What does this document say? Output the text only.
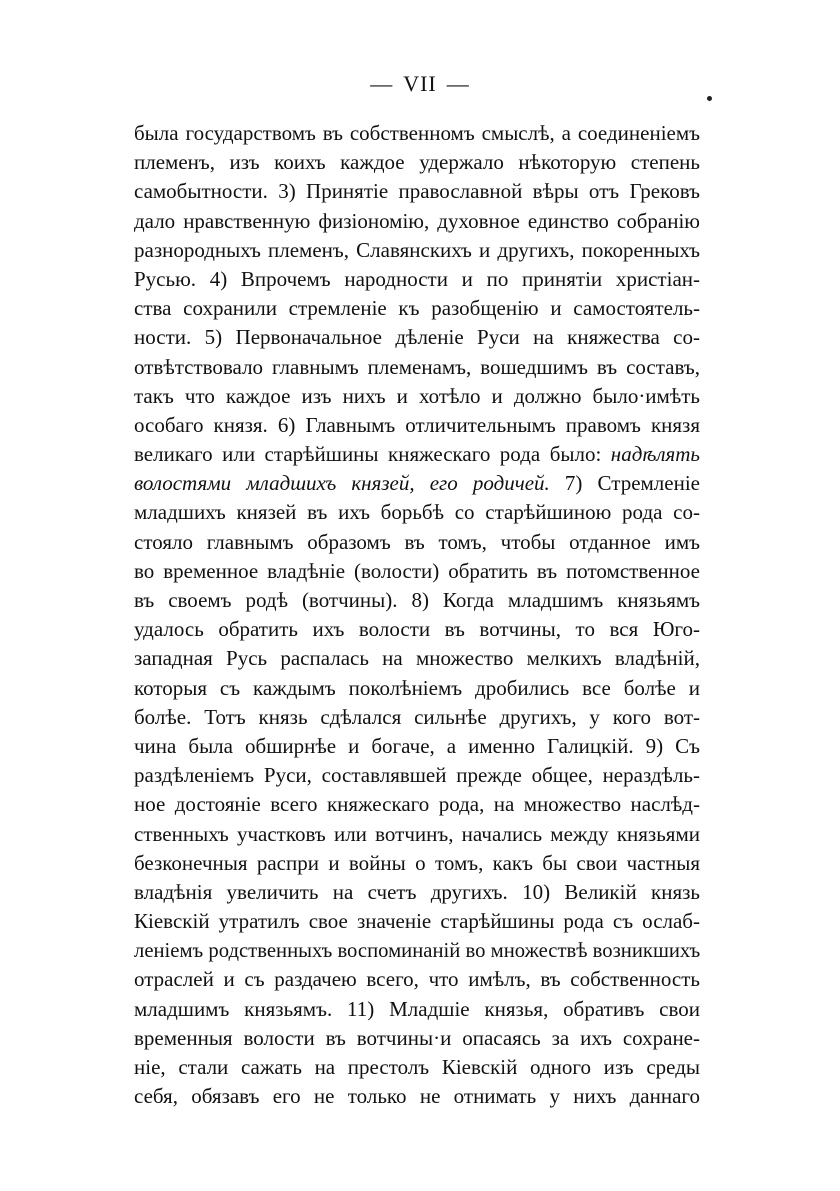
— VII —
была государствомъ въ собственномъ смыслѣ, а соединенiемъ
племенъ, изъ коихъ каждое удержало нѣкоторую степень
самобытности. 3) Принятiе православной вѣры отъ Грековъ
дало нравственную физiономiю, духовное единство собранiю
разнородныхъ племенъ, Славянскихъ и другихъ, покоренныхъ
Русью. 4) Впрочемъ народности и по принятiи христiан-
ства сохранили стремленiе къ разобщенiю и самостоятель-
ности. 5) Первоначальное дѣленiе Руси на княжества со-
отвѣтствовало главнымъ племенамъ, вошедшимъ въ составъ,
такъ что каждое изъ нихъ и хотѣло и должно было·имѣть
особаго князя. 6) Главнымъ отличительнымъ правомъ князя
великаго или старѣйшины княжескаго рода было: надѣлять
волостями младшихъ князей, его родичей. 7) Стремленiе
младшихъ князей въ ихъ борьбѣ со старѣйшиною рода со-
стояло главнымъ образомъ въ томъ, чтобы отданное имъ
во временное владѣнiе (волости) обратить въ потомственное
въ своемъ родѣ (вотчины). 8) Когда младшимъ князьямъ
удалось обратить ихъ волости въ вотчины, то вся Юго-
западная Русь распалась на множество мелкихъ владѣнiй,
которыя съ каждымъ поколѣнiемъ дробились все болѣе и
болѣе. Тотъ князь сдѣлался сильнѣе другихъ, у кого вот-
чина была обширнѣе и богаче, а именно Галицкiй. 9) Съ
раздѣленiемъ Руси, составлявшей прежде общее, нераздѣль-
ное достоянiе всего княжескаго рода, на множество наслѣд-
ственныхъ участковъ или вотчинъ, начались между князьями
безконечныя распри и войны о томъ, какъ бы свои частныя
владѣнiя увеличить на счетъ другихъ. 10) Великiй князь
Кiевскiй утратилъ свое значенiе старѣйшины рода съ ослаб-
ленiемъ родственныхъ воспоминанiй во множествѣ возникшихъ
отраслей и съ раздачею всего, что имѣлъ, въ собственность
младшимъ князьямъ. 11) Младшiе князья, обративъ свои
временныя волости въ вотчины·и опасаясь за ихъ сохране-
нiе, стали сажать на престолъ Кiевскiй одного изъ среды
себя, обязавъ его не только не отнимать у нихъ даннаго
